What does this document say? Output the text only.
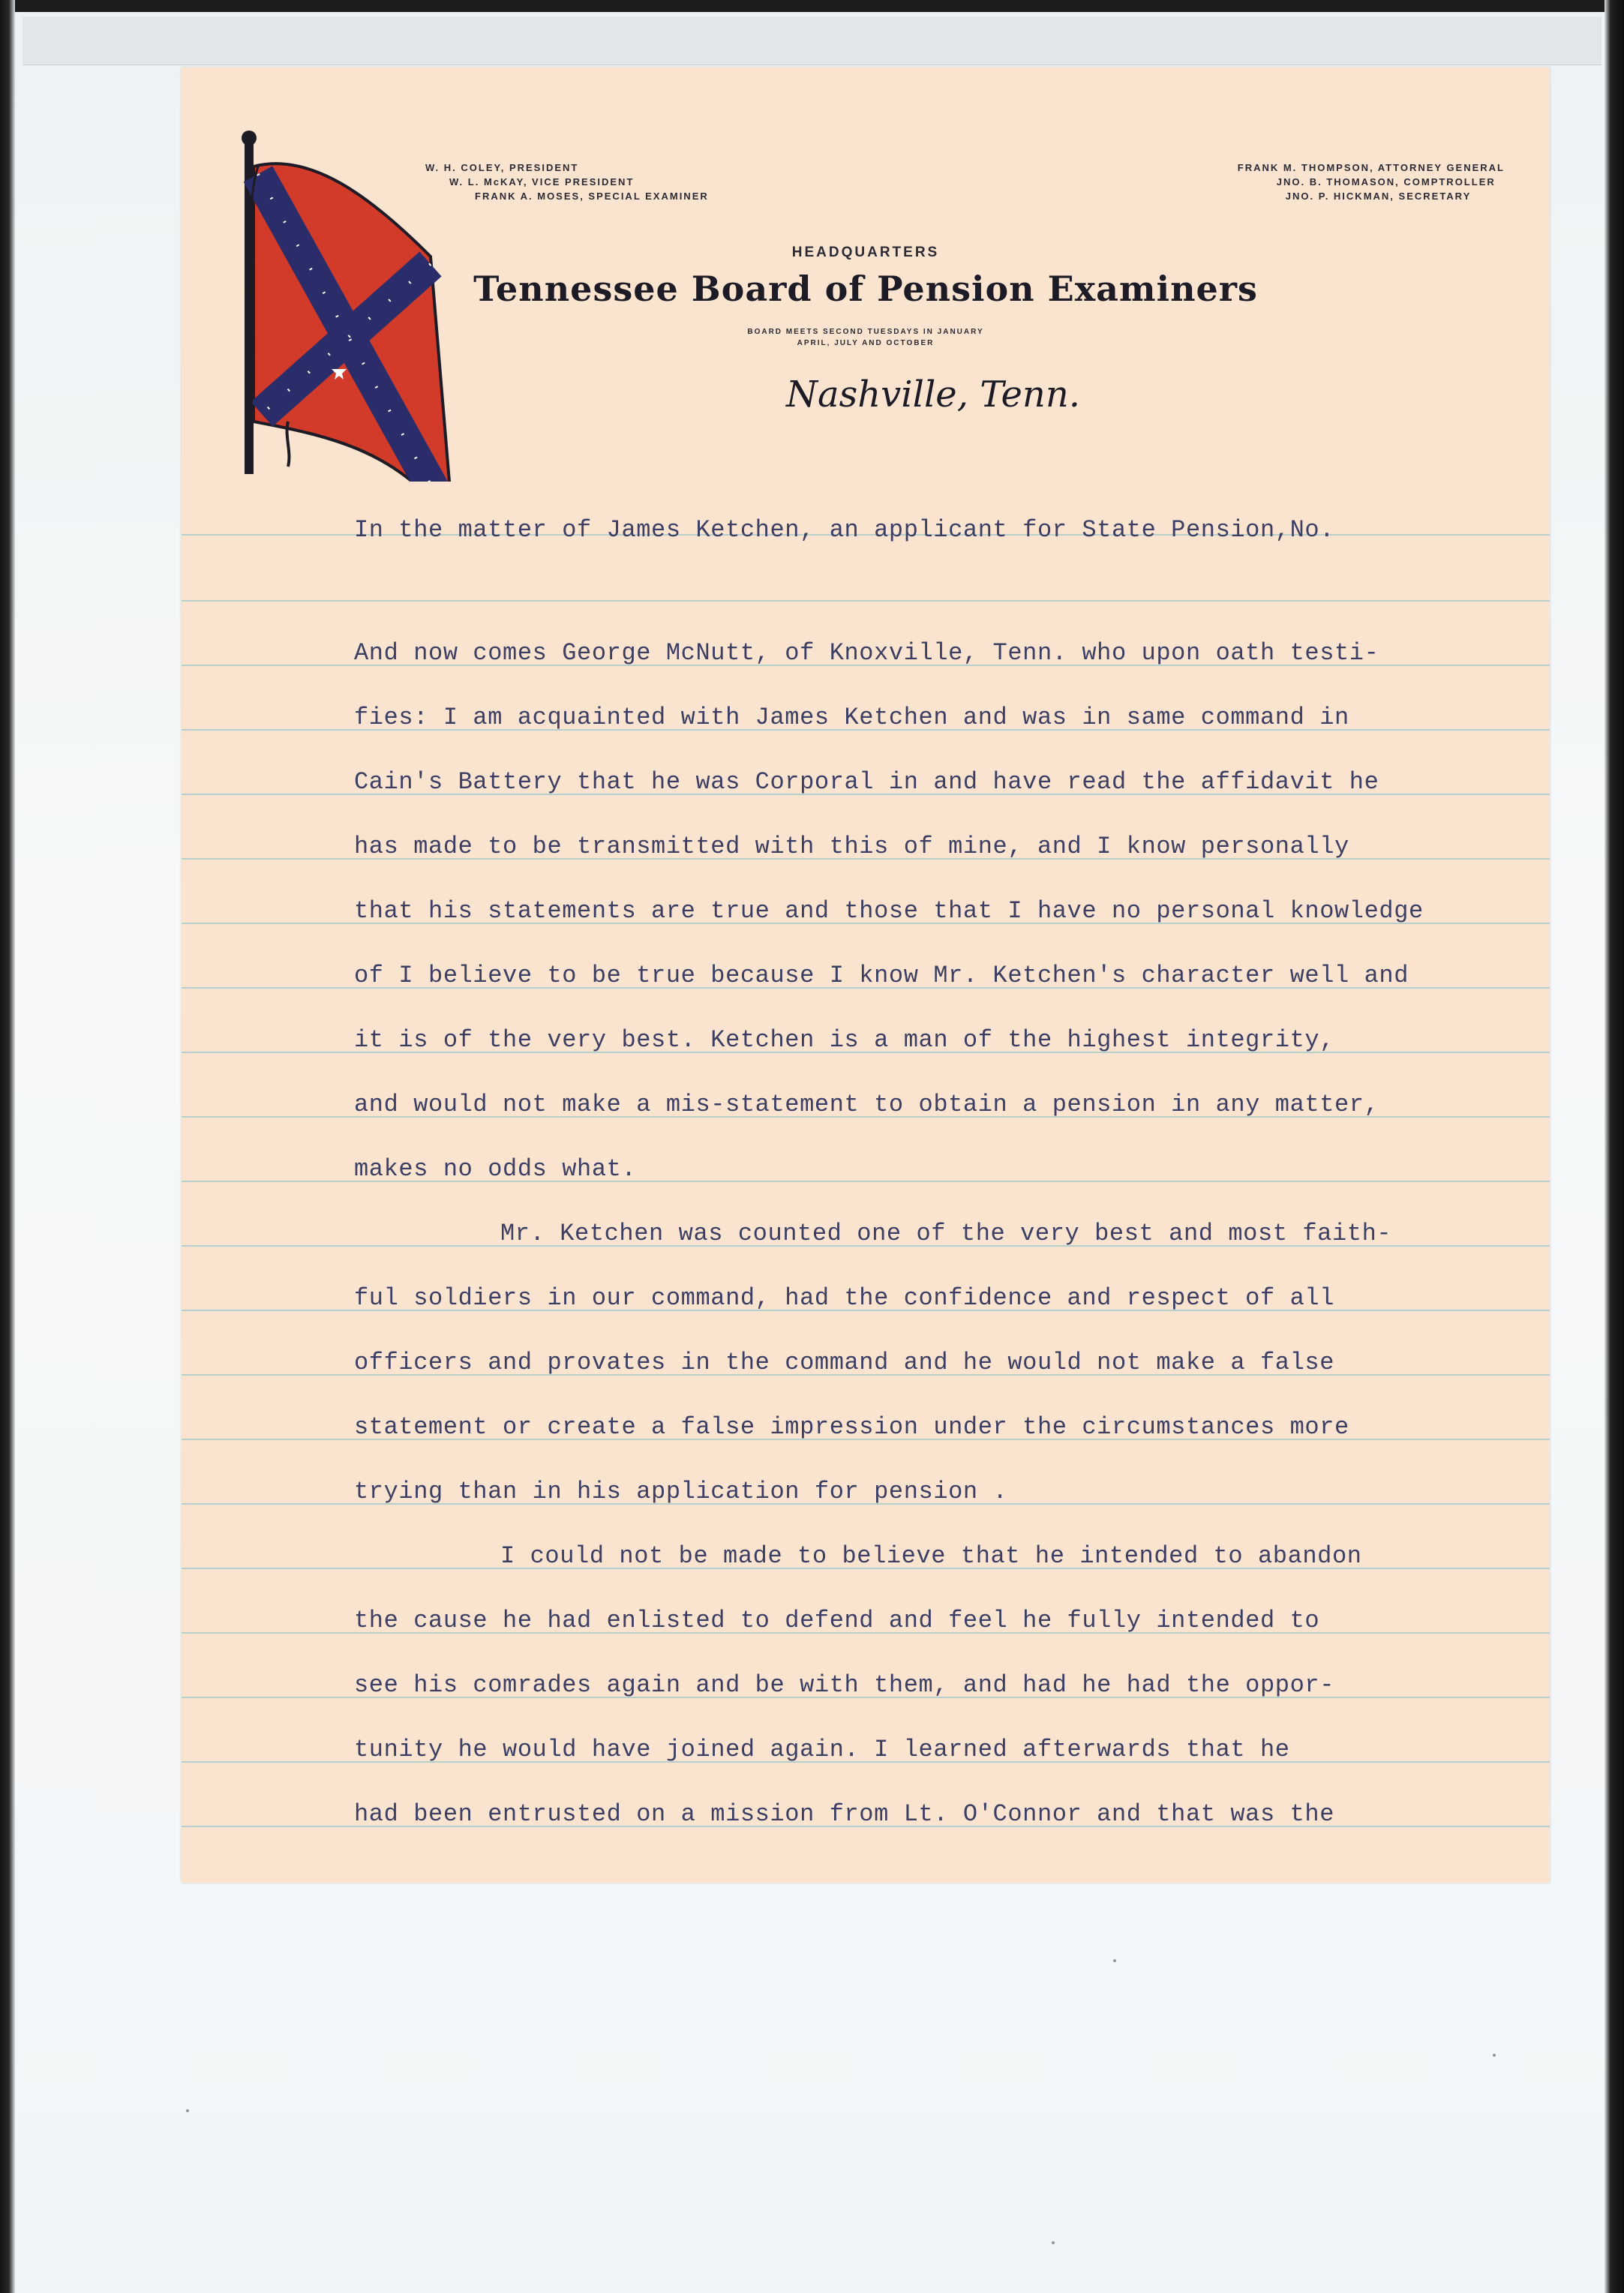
W. H. COLEY, PRESIDENT
W. L. McKAY, VICE PRESIDENT
FRANK A. MOSES, SPECIAL EXAMINER
FRANK M. THOMPSON, ATTORNEY GENERAL
JNO. B. THOMASON, COMPTROLLER
JNO. P. HICKMAN, SECRETARY
HEADQUARTERS
Tennessee Board of Pension Examiners
BOARD MEETS SECOND TUESDAYS IN JANUARY
APRIL, JULY AND OCTOBER
Nashville, Tenn.
In the matter of James Ketchen, an applicant for State Pension,No.
And now comes George McNutt, of Knoxville, Tenn. who upon oath testi-
fies: I am acquainted with James Ketchen and was in same command in
Cain's Battery that he was Corporal in and have read the affidavit he
has made to be transmitted with this of mine, and I know personally
that his statements are true and those that I have no personal knowledge
of I believe to be true because I know Mr. Ketchen's character well and
it is of the very best. Ketchen is a man of the highest integrity,
and would not make a mis-statement to obtain a pension in any matter,
makes no odds what.
Mr. Ketchen was counted one of the very best and most faith-
ful soldiers in our command, had the confidence and respect of all
officers and provates in the command and he would not make a false
statement or create a false impression under the circumstances more
trying than in his application for pension .
I could not be made to believe that he intended to abandon
the cause he had enlisted to defend and feel he fully intended to
see his comrades again and be with them, and had he had the oppor-
tunity he would have joined again. I learned afterwards that he
had been entrusted on a mission from Lt. O'Connor and that was the
